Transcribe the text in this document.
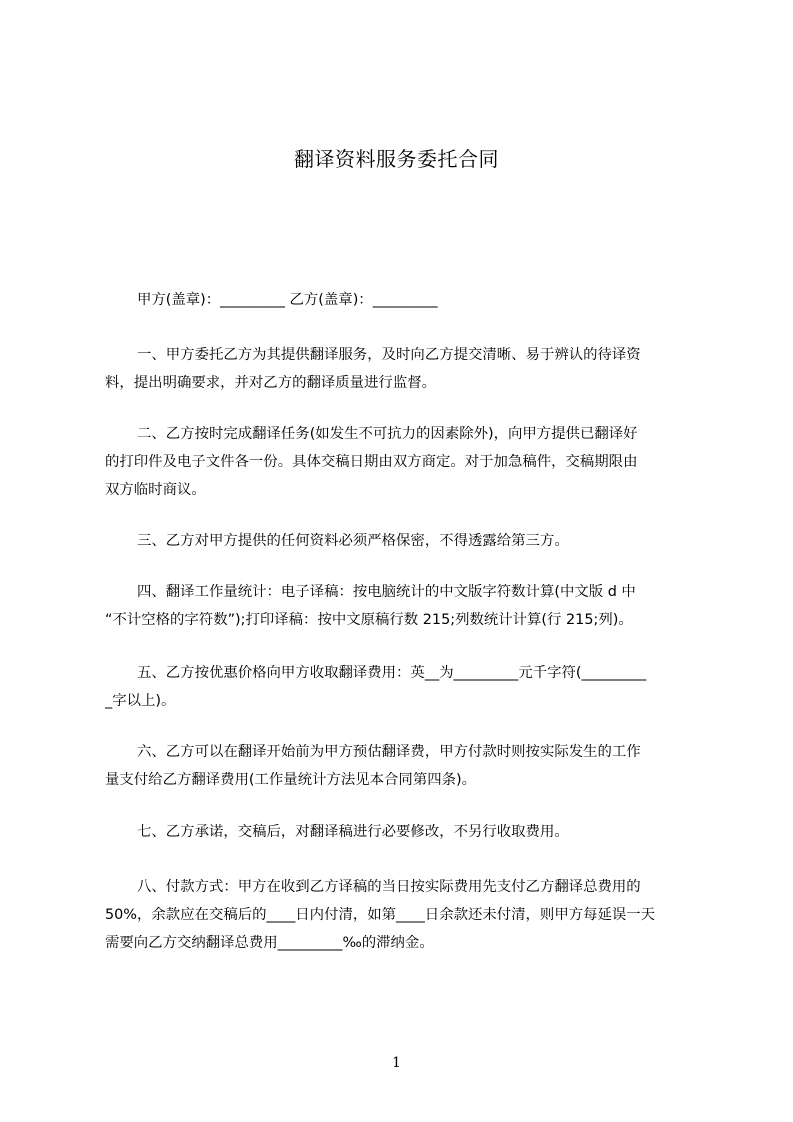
翻译资料服务委托合同
甲方(盖章)：_________ 乙方(盖章)：_________
一、甲方委托乙方为其提供翻译服务，及时向乙方提交清晰、易于辨认的待译资
料，提出明确要求，并对乙方的翻译质量进行监督。
二、乙方按时完成翻译任务(如发生不可抗力的因素除外)，向甲方提供已翻译好
的打印件及电子文件各一份。具体交稿日期由双方商定。对于加急稿件，交稿期限由
双方临时商议。
三、乙方对甲方提供的任何资料必须严格保密，不得透露给第三方。
四、翻译工作量统计：电子译稿：按电脑统计的中文版字符数计算(中文版 d 中
“不计空格的字符数”);打印译稿：按中文原稿行数 215;列数统计计算(行 215;列)。
五、乙方按优惠价格向甲方收取翻译费用：英__为_________元千字符(_________
_字以上)。
六、乙方可以在翻译开始前为甲方预估翻译费，甲方付款时则按实际发生的工作
量支付给乙方翻译费用(工作量统计方法见本合同第四条)。
七、乙方承诺，交稿后，对翻译稿进行必要修改，不另行收取费用。
八、付款方式：甲方在收到乙方译稿的当日按实际费用先支付乙方翻译总费用的
50%，余款应在交稿后的____日内付清，如第____日余款还未付清，则甲方每延误一天
需要向乙方交纳翻译总费用_________‰的滞纳金。
1
